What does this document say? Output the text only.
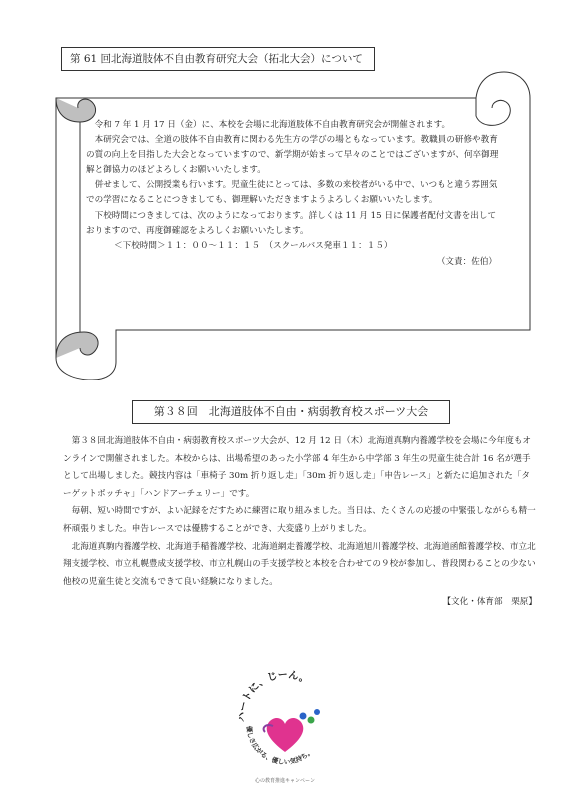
第 61 回北海道肢体不自由教育研究大会（拓北大会）について

令和 7 年 1 月 17 日（金）に、本校を会場に北海道肢体不自由教育研究会が開催されます。

本研究会では、全道の肢体不自由教育に関わる先生方の学びの場ともなっています。教職員の研修や教育の質の向上を目指した大会となっていますので、新学期が始まって早々のことではございますが、何卒御理解と御協力のほどよろしくお願いいたします。

併せまして、公開授業も行います。児童生徒にとっては、多数の来校者がいる中で、いつもと違う雰囲気での学習になることにつきましても、御理解いただきますようよろしくお願いいたします。

下校時間につきましては、次のようになっております。詳しくは 11 月 15 日に保護者配付文書を出しておりますので、再度御確認をよろしくお願いいたします。

＜下校時間＞１１：００～１１：１５　（スクールバス発車１１：１５）

（文責：佐伯）

第３８回　北海道肢体不自由・病弱教育校スポーツ大会

第３８回北海道肢体不自由・病弱教育校スポーツ大会が、12 月 12 日（木）北海道真駒内養護学校を会場に今年度もオンラインで開催されました。本校からは、出場希望のあった小学部 4 年生から中学部 3 年生の児童生徒合計 16 名が選手として出場しました。競技内容は「車椅子 30m 折り返し走」「30m 折り返し走」「申告レース」と新たに追加された「ターゲットボッチャ」「ハンドアーチェリー」です。

毎朝、短い時間ですが、よい記録をだすために練習に取り組みました。当日は、たくさんの応援の中緊張しながらも精一杯頑張りました。申告レースでは優勝することができ、大変盛り上がりました。

北海道真駒内養護学校、北海道手稲養護学校、北海道網走養護学校、北海道旭川養護学校、北海道函館養護学校、市立北翔支援学校、市立札幌豊成支援学校、市立札幌山の手支援学校と本校を合わせての９校が参加し、普段関わることの少ない他校の児童生徒と交流もできて良い経験になりました。

【文化・体育部　栗原】

ハートに、じーん。
優しさ広がる、優しい気持ち。
心の教育推進キャンペーン
